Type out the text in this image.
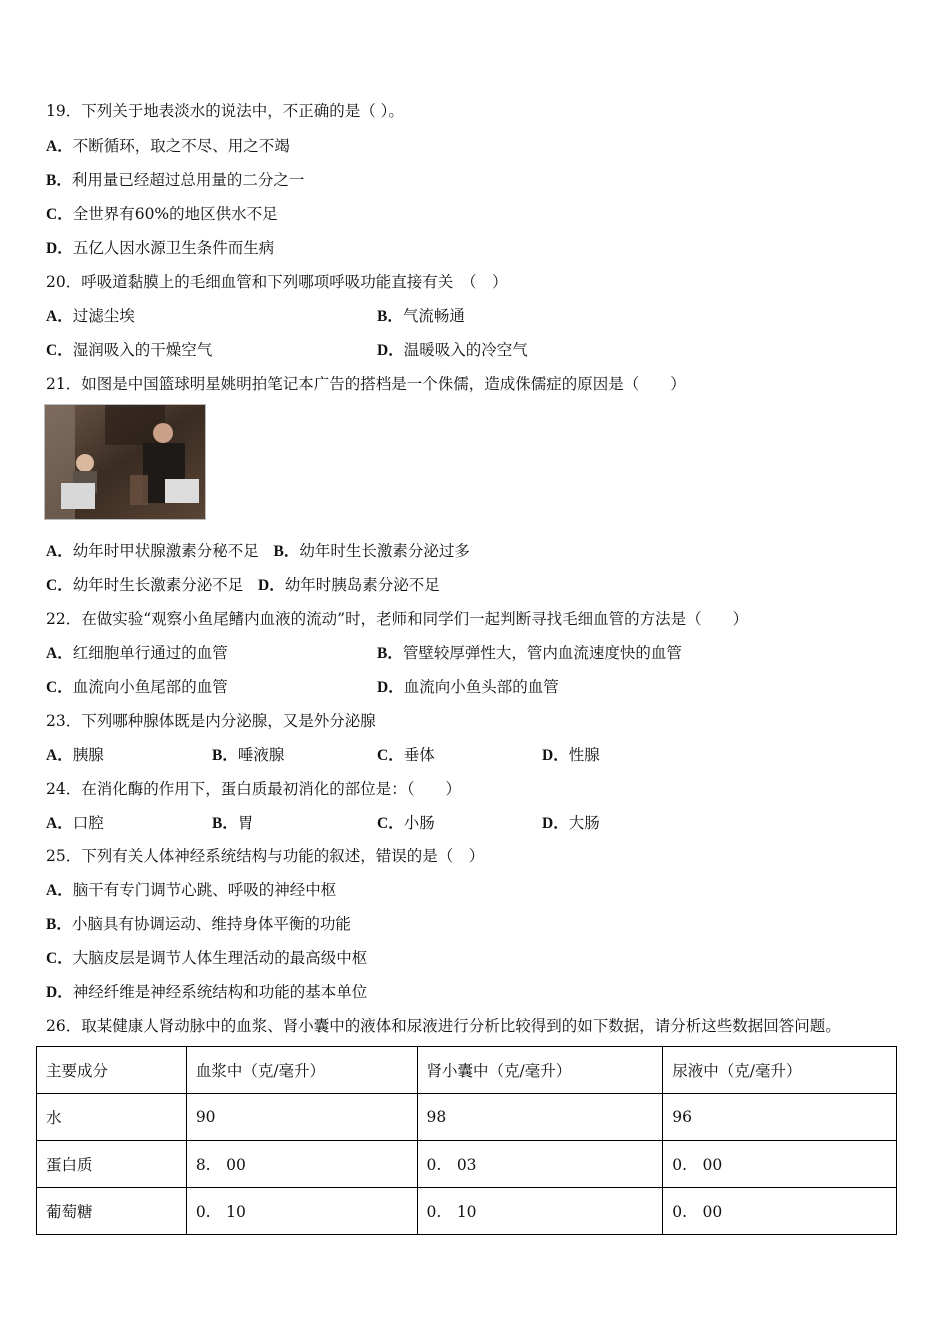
19．下列关于地表淡水的说法中，不正确的是（ ）。
A．不断循环，取之不尽、用之不竭
B．利用量已经超过总用量的二分之一
C．全世界有60%的地区供水不足
D．五亿人因水源卫生条件而生病
20．呼吸道黏膜上的毛细血管和下列哪项呼吸功能直接有关　（　）
A．过滤尘埃	B．气流畅通
C．湿润吸入的干燥空气	D．温暖吸入的冷空气
21．如图是中国篮球明星姚明拍笔记本广告的搭档是一个侏儒，造成侏儒症的原因是（　　）
A．幼年时甲状腺激素分秘不足 B．幼年时生长激素分泌过多
C．幼年时生长激素分泌不足 D．幼年时胰岛素分泌不足
22．在做实验“观察小鱼尾鳍内血液的流动”时，老师和同学们一起判断寻找毛细血管的方法是（　　）
A．红细胞单行通过的血管	B．管壁较厚弹性大，管内血流速度快的血管
C．血流向小鱼尾部的血管	D．血流向小鱼头部的血管
23．下列哪种腺体既是内分泌腺，又是外分泌腺
A．胰腺	B．唾液腺	C．垂体	D．性腺
24．在消化酶的作用下，蛋白质最初消化的部位是：（　　）
A．口腔	B．胃	C．小肠	D．大肠
25．下列有关人体神经系统结构与功能的叙述，错误的是（　）
A．脑干有专门调节心跳、呼吸的神经中枢
B．小脑具有协调运动、维持身体平衡的功能
C．大脑皮层是调节人体生理活动的最高级中枢
D．神经纤维是神经系统结构和功能的基本单位
26．取某健康人肾动脉中的血浆、肾小囊中的液体和尿液进行分析比较得到的如下数据，请分析这些数据回答问题。
主要成分	血浆中（克/毫升）	肾小囊中（克/毫升）	尿液中（克/毫升）
水	90	98	96
蛋白质	8.　00	0.　03	0.　00
葡萄糖	0.　10	0.　10	0.　00
